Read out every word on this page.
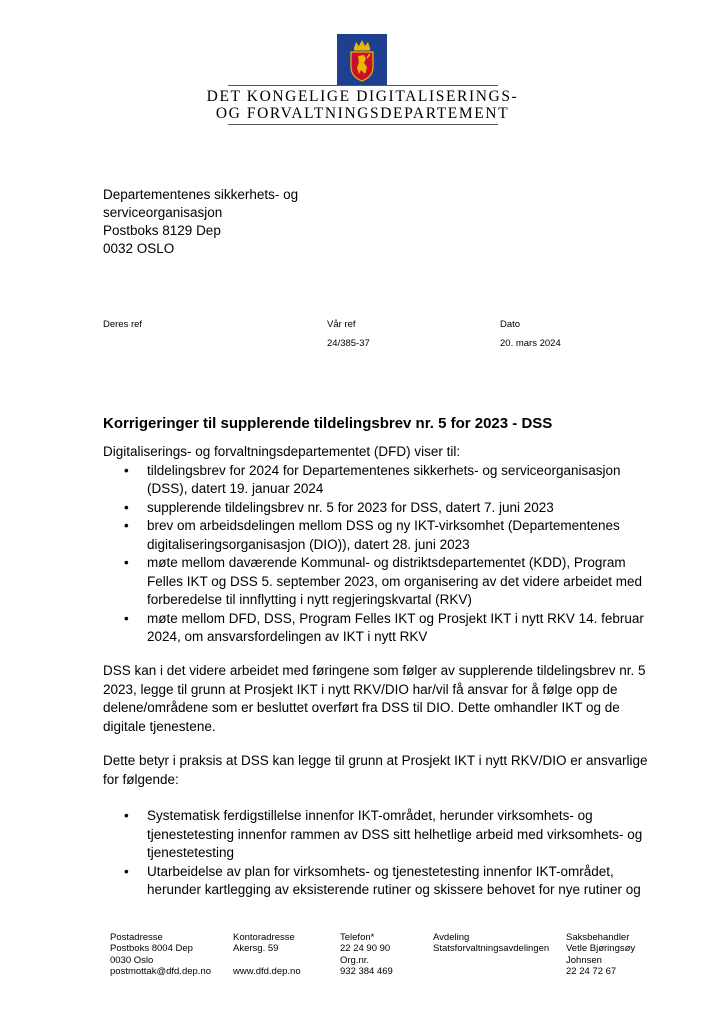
DET KONGELIGE DIGITALISERINGS-
OG FORVALTNINGSDEPARTEMENT
Departementenes sikkerhets- og
serviceorganisasjon
Postboks 8129 Dep
0032 OSLO
Deres ref	Vår ref
24/385-37
Dato
20. mars 2024
Korrigeringer til supplerende tildelingsbrev nr. 5 for 2023 - DSS

Digitaliserings- og forvaltningsdepartementet (DFD) viser til:

• tildelingsbrev for 2024 for Departementenes sikkerhets- og serviceorganisasjon (DSS), datert 19. januar 2024
• supplerende tildelingsbrev nr. 5 for 2023 for DSS, datert 7. juni 2023
• brev om arbeidsdelingen mellom DSS og ny IKT-virksomhet (Departementenes digitaliseringsorganisasjon (DIO)), datert 28. juni 2023
• møte mellom daværende Kommunal- og distriktsdepartementet (KDD), Program Felles IKT og DSS 5. september 2023, om organisering av det videre arbeidet med forberedelse til innflytting i nytt regjeringskvartal (RKV)
• møte mellom DFD, DSS, Program Felles IKT og Prosjekt IKT i nytt RKV 14. februar 2024, om ansvarsfordelingen av IKT i nytt RKV
DSS kan i det videre arbeidet med føringene som følger av supplerende tildelingsbrev nr. 5 2023, legge til grunn at Prosjekt IKT i nytt RKV/DIO har/vil få ansvar for å følge opp de delene/områdene som er besluttet overført fra DSS til DIO. Dette omhandler IKT og de digitale tjenestene.
Dette betyr i praksis at DSS kan legge til grunn at Prosjekt IKT i nytt RKV/DIO er ansvarlige for følgende:
• Systematisk ferdigstillelse innenfor IKT-området, herunder virksomhets- og tjenestetesting innenfor rammen av DSS sitt helhetlige arbeid med virksomhets- og tjenestetesting
• Utarbeidelse av plan for virksomhets- og tjenestetesting innenfor IKT-området, herunder kartlegging av eksisterende rutiner og skissere behovet for nye rutiner og
Postadresse
Postboks 8004 Dep
0030 Oslo
postmottak@dfd.dep.no
Kontoradresse
Akersg. 59

www.dfd.dep.no
Telefon*
22 24 90 90
Org.nr.
932 384 469
Avdeling
Statsforvaltningsavdelingen
Saksbehandler
Vetle Bjøringsøy
Johnsen
22 24 72 67
